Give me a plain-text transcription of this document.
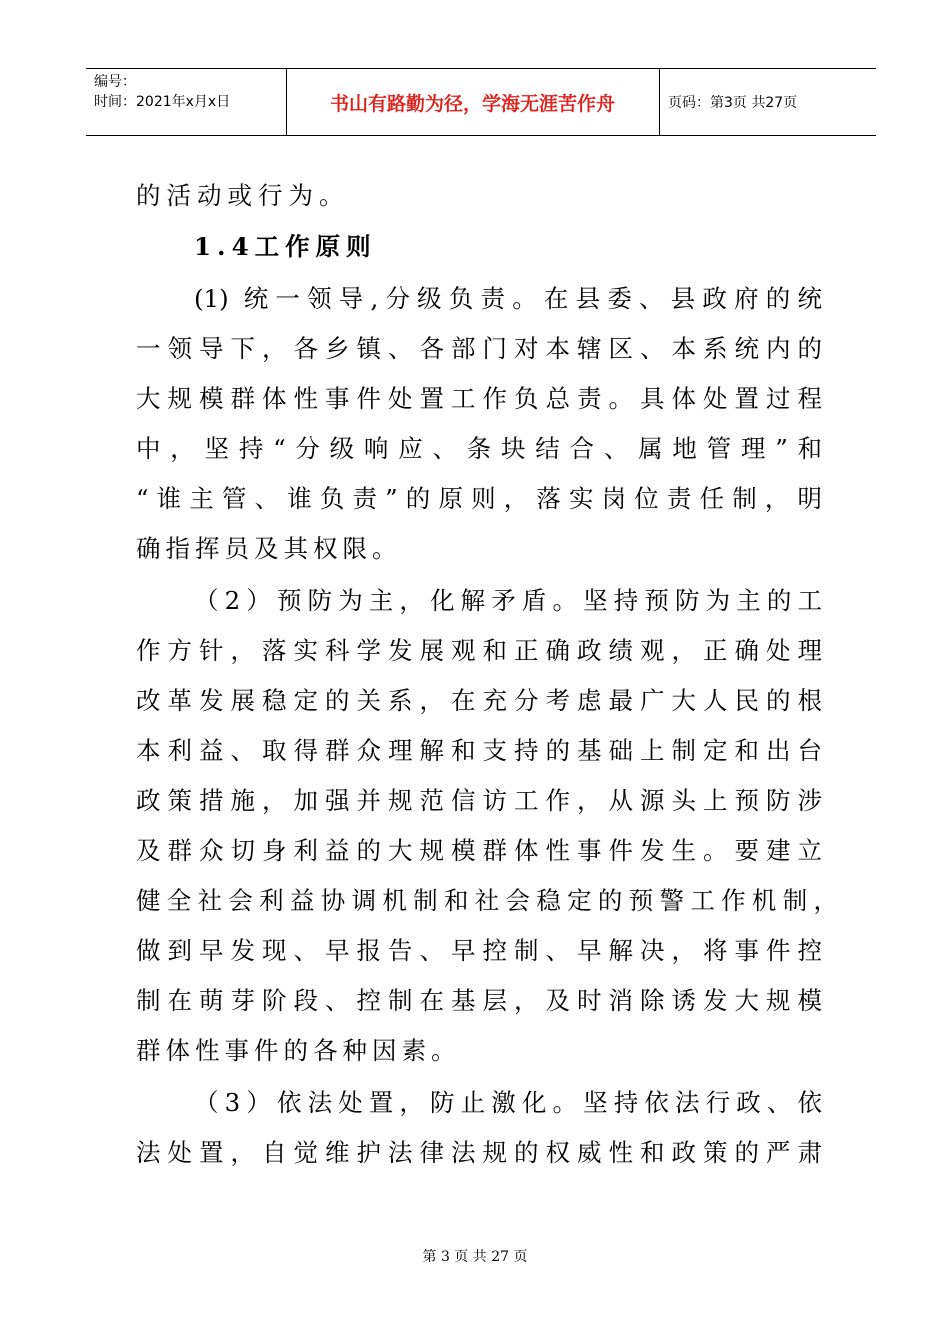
编号：
时间：2021年x月x日	书山有路勤为径，学海无涯苦作舟	页码：第3页 共27页
的活动或行为。
1.4工作原则
(1) 统一领导,分级负责。在县委、县政府的统
一领导下，各乡镇、各部门对本辖区、本系统内的
大规模群体性事件处置工作负总责。具体处置过程
中，坚持“分级响应、条块结合、属地管理”和
“谁主管、谁负责”的原则，落实岗位责任制，明
确指挥员及其权限。
（2）预防为主，化解矛盾。坚持预防为主的工
作方针，落实科学发展观和正确政绩观，正确处理
改革发展稳定的关系，在充分考虑最广大人民的根
本利益、取得群众理解和支持的基础上制定和出台
政策措施，加强并规范信访工作，从源头上预防涉
及群众切身利益的大规模群体性事件发生。要建立
健全社会利益协调机制和社会稳定的预警工作机制，
做到早发现、早报告、早控制、早解决，将事件控
制在萌芽阶段、控制在基层，及时消除诱发大规模
群体性事件的各种因素。
（3）依法处置，防止激化。坚持依法行政、依
法处置，自觉维护法律法规的权威性和政策的严肃
第 3 页 共 27 页
